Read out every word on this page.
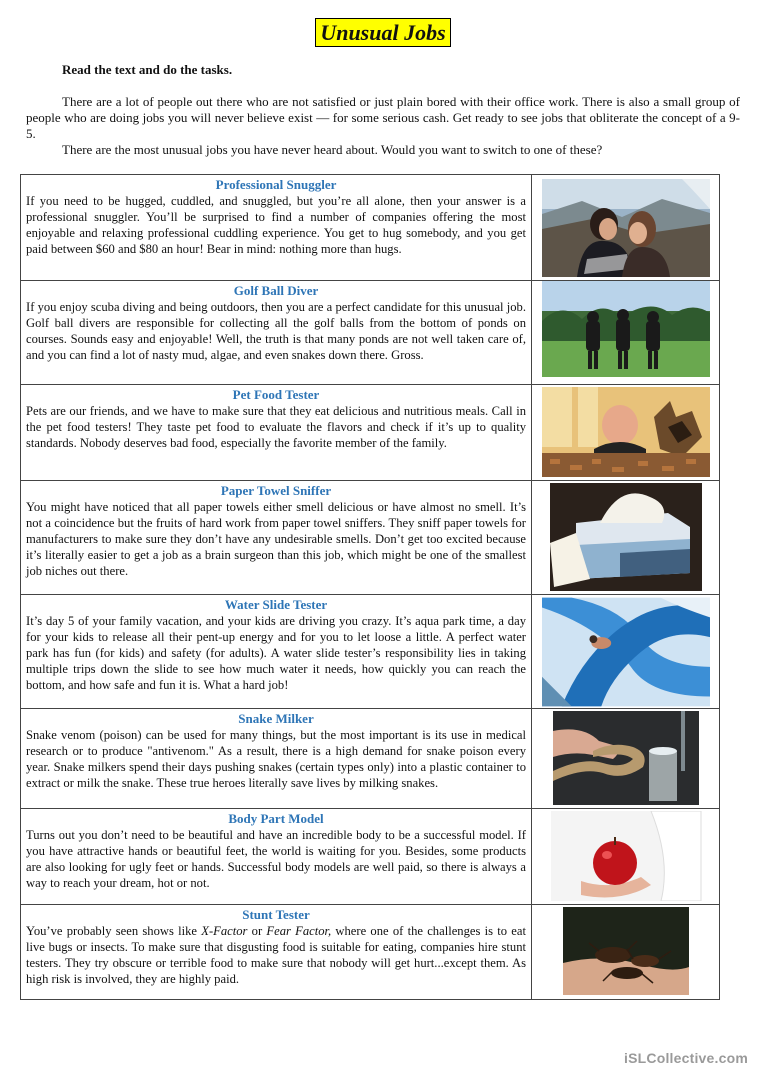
Unusual Jobs
Read the text and do the tasks.

There are a lot of people out there who are not satisfied or just plain bored with their office work. There is also a small group of people who are doing jobs you will never believe exist — for some serious cash. Get ready to see jobs that obliterate the concept of a 9-5.

There are the most unusual jobs you have never heard about. Would you want to switch to one of these?

Professional Snuggler

If you need to be hugged, cuddled, and snuggled, but you’re all alone, then your answer is a professional snuggler. You’ll be surprised to find a number of companies offering the most enjoyable and relaxing professional cuddling experience. You get to hug somebody, and you get paid between $60 and $80 an hour! Bear in mind: nothing more than hugs.

Golf Ball Diver

If you enjoy scuba diving and being outdoors, then you are a perfect candidate for this unusual job. Golf ball divers are responsible for collecting all the golf balls from the bottom of ponds on courses. Sounds easy and enjoyable! Well, the truth is that many ponds are not well taken care of, and you can find a lot of nasty mud, algae, and even snakes down there. Gross.

Pet Food Tester

Pets are our friends, and we have to make sure that they eat delicious and nutritious meals. Call in the pet food testers! They taste pet food to evaluate the flavors and check if it’s up to quality standards. Nobody deserves bad food, especially the favorite member of the family.

Paper Towel Sniffer

You might have noticed that all paper towels either smell delicious or have almost no smell. It’s not a coincidence but the fruits of hard work from paper towel sniffers. They sniff paper towels for manufacturers to make sure they don’t have any undesirable smells. Don’t get too excited because it’s literally easier to get a job as a brain surgeon than this job, which might be one of the smallest job niches out there.

Water Slide Tester

It’s day 5 of your family vacation, and your kids are driving you crazy. It’s aqua park time, a day for your kids to release all their pent-up energy and for you to let loose a little. A perfect water park has fun (for kids) and safety (for adults). A water slide tester’s responsibility lies in taking multiple trips down the slide to see how much water it needs, how quickly you can reach the bottom, and how safe and fun it is. What a hard job!

Snake Milker

Snake venom (poison) can be used for many things, but the most important is its use in medical research or to produce "antivenom." As a result, there is a high demand for snake poison every year. Snake milkers spend their days pushing snakes (certain types only) into a plastic container to extract or milk the snake. These true heroes literally save lives by milking snakes.

Body Part Model

Turns out you don’t need to be beautiful and have an incredible body to be a successful model. If you have attractive hands or beautiful feet, the world is waiting for you. Besides, some products are also looking for ugly feet or hands. Successful body models are well paid, so there is always a way to reach your dream, hot or not.

Stunt Tester

You’ve probably seen shows like X-Factor or Fear Factor, where one of the challenges is to eat live bugs or insects. To make sure that disgusting food is suitable for eating, companies hire stunt testers. They try obscure or terrible food to make sure that nobody will get hurt...except them. As high risk is involved, they are highly paid.

iSLCollective.com
